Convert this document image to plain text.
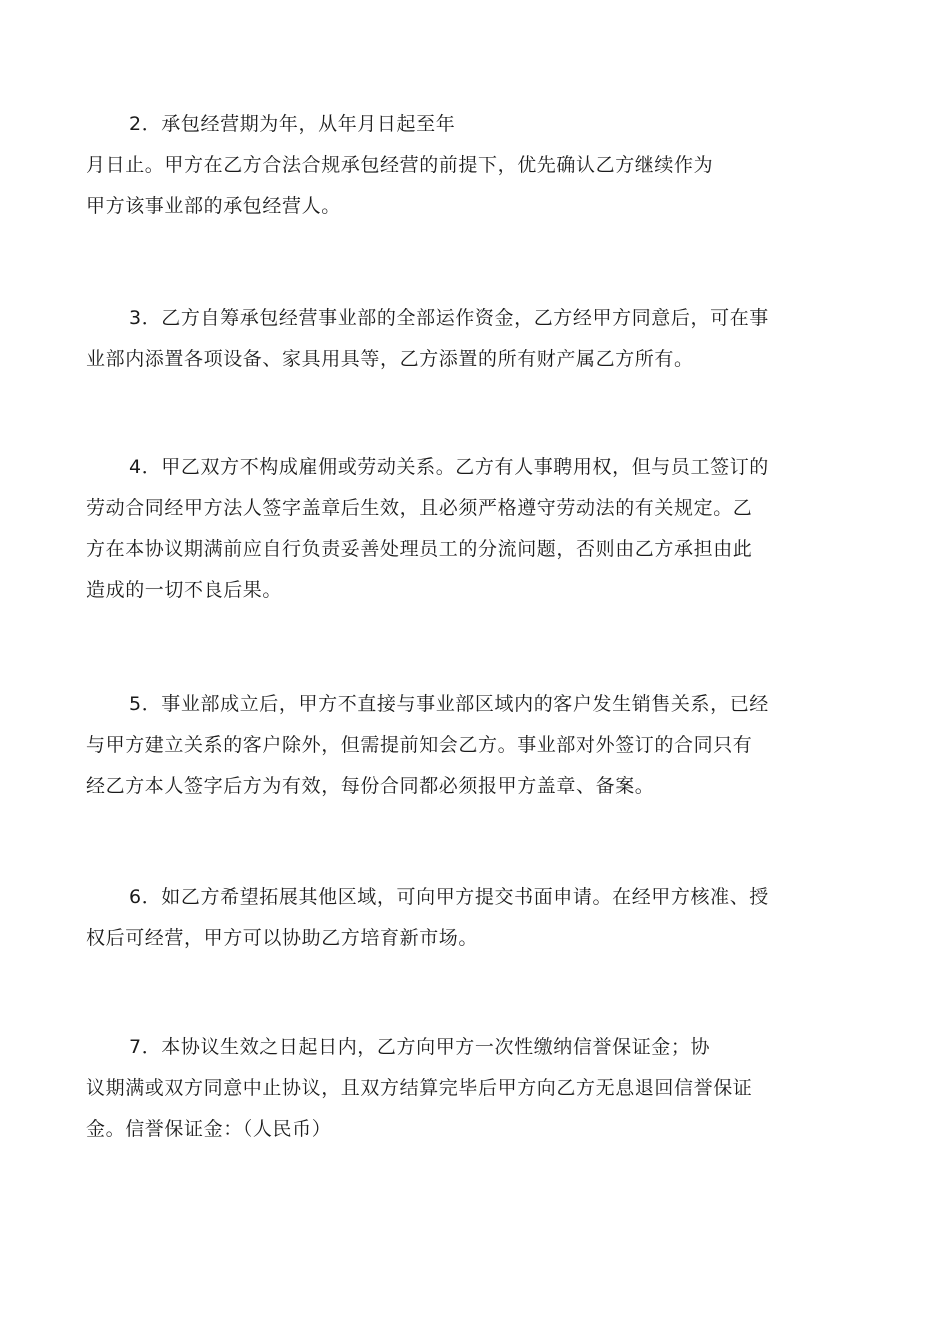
2．承包经营期为年，从年月日起至年
月日止。甲方在乙方合法合规承包经营的前提下，优先确认乙方继续作为
甲方该事业部的承包经营人。
3．乙方自筹承包经营事业部的全部运作资金，乙方经甲方同意后，可在事
业部内添置各项设备、家具用具等，乙方添置的所有财产属乙方所有。
4．甲乙双方不构成雇佣或劳动关系。乙方有人事聘用权，但与员工签订的
劳动合同经甲方法人签字盖章后生效，且必须严格遵守劳动法的有关规定。乙
方在本协议期满前应自行负责妥善处理员工的分流问题，否则由乙方承担由此
造成的一切不良后果。
5．事业部成立后，甲方不直接与事业部区域内的客户发生销售关系，已经
与甲方建立关系的客户除外，但需提前知会乙方。事业部对外签订的合同只有
经乙方本人签字后方为有效，每份合同都必须报甲方盖章、备案。
6．如乙方希望拓展其他区域，可向甲方提交书面申请。在经甲方核准、授
权后可经营，甲方可以协助乙方培育新市场。
7．本协议生效之日起日内，乙方向甲方一次性缴纳信誉保证金；协
议期满或双方同意中止协议，且双方结算完毕后甲方向乙方无息退回信誉保证
金。信誉保证金：（人民币）
